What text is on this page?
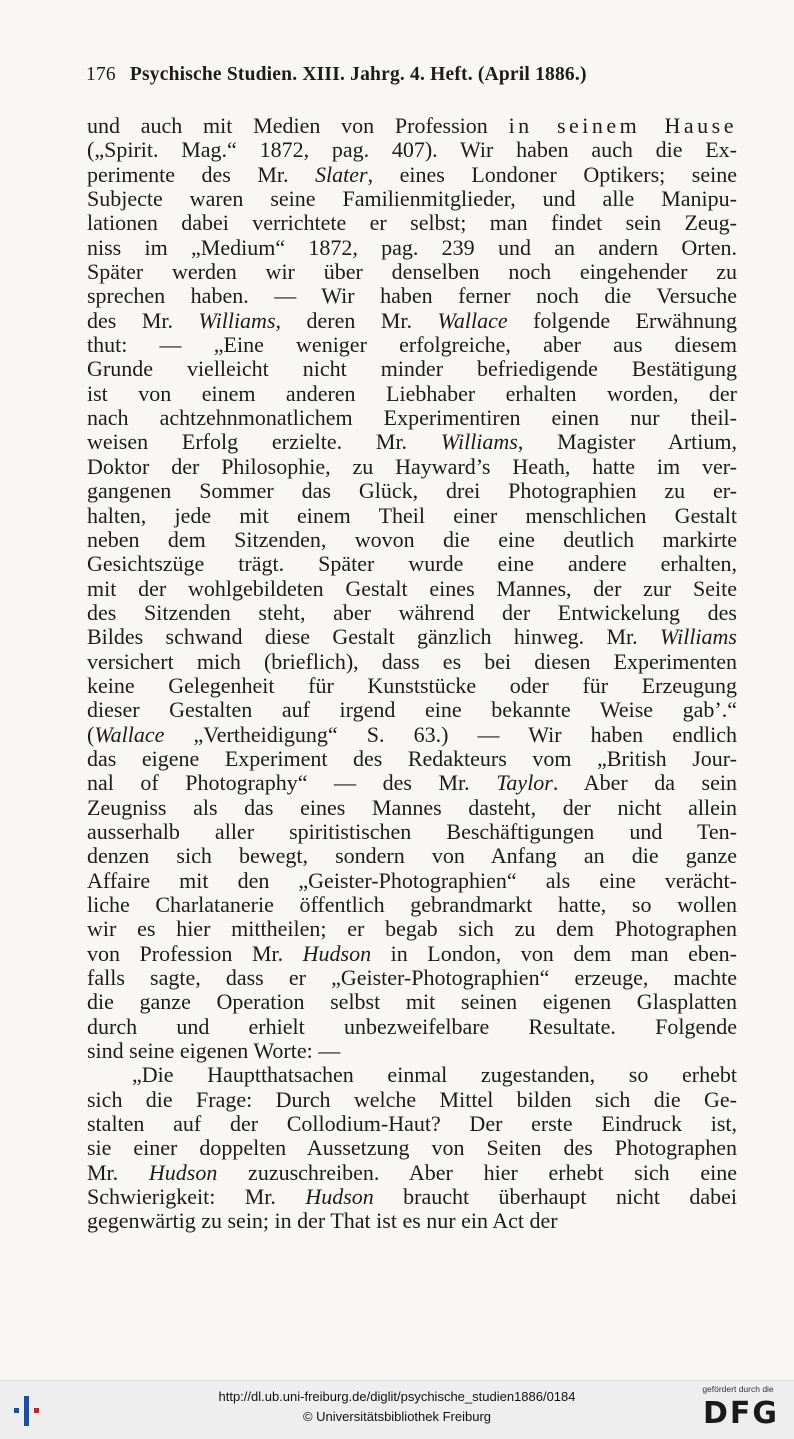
176 Psychische Studien. XIII. Jahrg. 4. Heft. (April 1886.)
und auch mit Medien von Profession in seinem Hause
(„Spirit. Mag.“ 1872, pag. 407). Wir haben auch die Ex-
perimente des Mr. Slater, eines Londoner Optikers; seine
Subjecte waren seine Familienmitglieder, und alle Manipu-
lationen dabei verrichtete er selbst; man findet sein Zeug-
niss im „Medium“ 1872, pag. 239 und an andern Orten.
Später werden wir über denselben noch eingehender zu
sprechen haben. — Wir haben ferner noch die Versuche
des Mr. Williams, deren Mr. Wallace folgende Erwähnung
thut: — „Eine weniger erfolgreiche, aber aus diesem
Grunde vielleicht nicht minder befriedigende Bestätigung
ist von einem anderen Liebhaber erhalten worden, der
nach achtzehnmonatlichem Experimentiren einen nur theil-
weisen Erfolg erzielte. Mr. Williams, Magister Artium,
Doktor der Philosophie, zu Hayward’s Heath, hatte im ver-
gangenen Sommer das Glück, drei Photographien zu er-
halten, jede mit einem Theil einer menschlichen Gestalt
neben dem Sitzenden, wovon die eine deutlich markirte
Gesichtszüge trägt. Später wurde eine andere erhalten,
mit der wohlgebildeten Gestalt eines Mannes, der zur Seite
des Sitzenden steht, aber während der Entwickelung des
Bildes schwand diese Gestalt gänzlich hinweg. Mr. Williams
versichert mich (brieflich), dass es bei diesen Experimenten
keine Gelegenheit für Kunststücke oder für Erzeugung
dieser Gestalten auf irgend eine bekannte Weise gab’.“
(Wallace „Vertheidigung“ S. 63.) — Wir haben endlich
das eigene Experiment des Redakteurs vom „British Jour-
nal of Photography“ — des Mr. Taylor. Aber da sein
Zeugniss als das eines Mannes dasteht, der nicht allein
ausserhalb aller spiritistischen Beschäftigungen und Ten-
denzen sich bewegt, sondern von Anfang an die ganze
Affaire mit den „Geister-Photographien“ als eine verächt-
liche Charlatanerie öffentlich gebrandmarkt hatte, so wollen
wir es hier mittheilen; er begab sich zu dem Photographen
von Profession Mr. Hudson in London, von dem man eben-
falls sagte, dass er „Geister-Photographien“ erzeuge, machte
die ganze Operation selbst mit seinen eigenen Glasplatten
durch und erhielt unbezweifelbare Resultate. Folgende
sind seine eigenen Worte: —
„Die Hauptthatsachen einmal zugestanden, so erhebt
sich die Frage: Durch welche Mittel bilden sich die Ge-
stalten auf der Collodium-Haut? Der erste Eindruck ist,
sie einer doppelten Aussetzung von Seiten des Photographen
Mr. Hudson zuzuschreiben. Aber hier erhebt sich eine
Schwierigkeit: Mr. Hudson braucht überhaupt nicht dabei
gegenwärtig zu sein; in der That ist es nur ein Act der
http://dl.ub.uni-freiburg.de/diglit/psychische_studien1886/0184
© Universitätsbibliothek Freiburg
gefördert durch die
DFG
